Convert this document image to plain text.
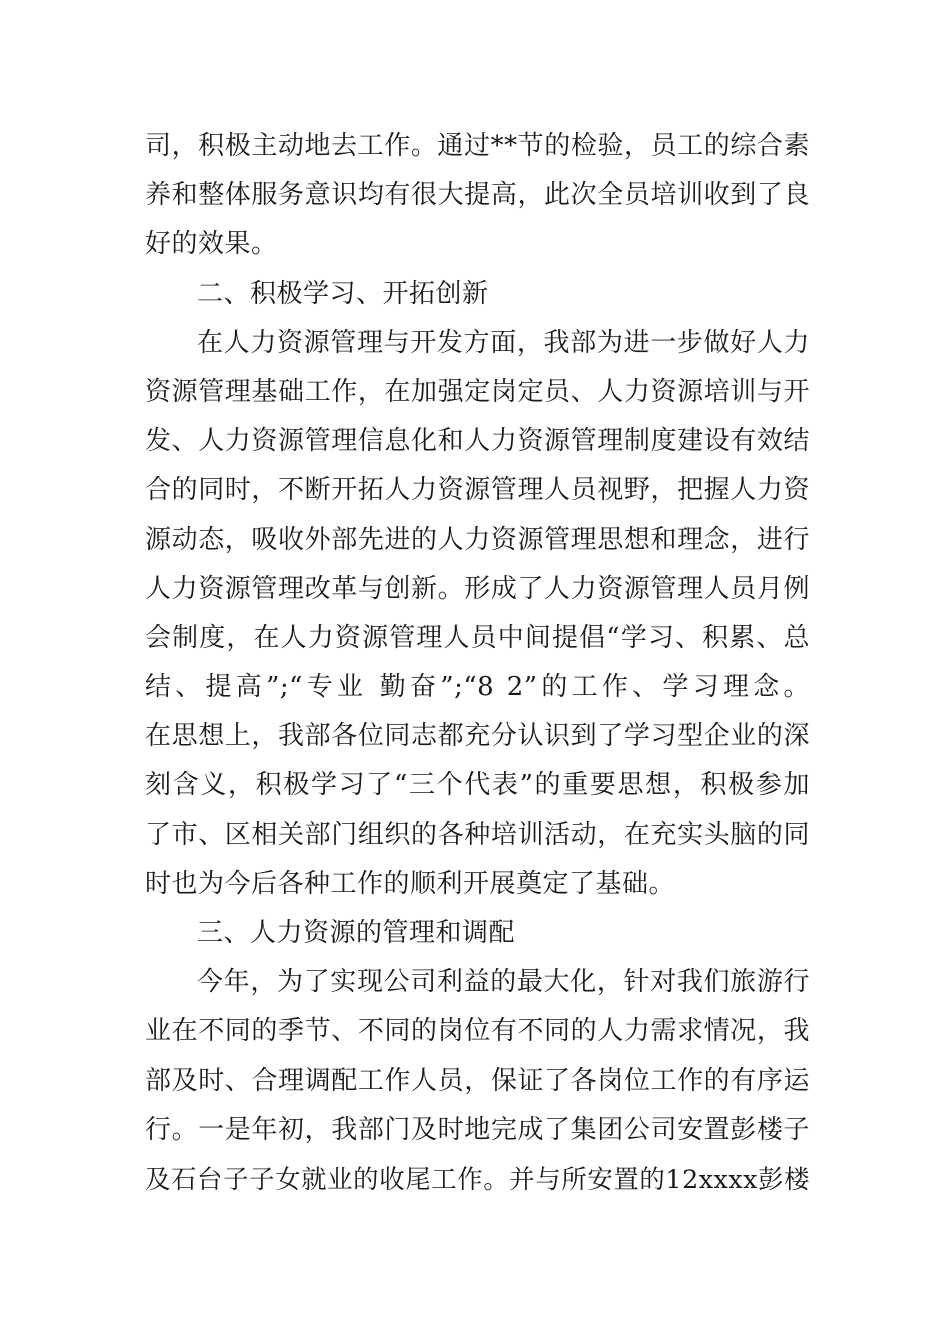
司，积极主动地去工作。通过**节的检验，员工的综合素
养和整体服务意识均有很大提高，此次全员培训收到了良
好的效果。
二、积极学习、开拓创新
在人力资源管理与开发方面，我部为进一步做好人力
资源管理基础工作，在加强定岗定员、人力资源培训与开
发、人力资源管理信息化和人力资源管理制度建设有效结
合的同时，不断开拓人力资源管理人员视野，把握人力资
源动态，吸收外部先进的人力资源管理思想和理念，进行
人力资源管理改革与创新。形成了人力资源管理人员月例
会制度，在人力资源管理人员中间提倡“学习、积累、总
结、提高”;“专业 勤奋”;“8 2”的工作、学习理念。
在思想上，我部各位同志都充分认识到了学习型企业的深
刻含义，积极学习了“三个代表”的重要思想，积极参加
了市、区相关部门组织的各种培训活动，在充实头脑的同
时也为今后各种工作的顺利开展奠定了基础。
三、人力资源的管理和调配
今年，为了实现公司利益的最大化，针对我们旅游行
业在不同的季节、不同的岗位有不同的人力需求情况，我
部及时、合理调配工作人员，保证了各岗位工作的有序运
行。一是年初，我部门及时地完成了集团公司安置彭楼子
及石台子子女就业的收尾工作。并与所安置的12xxxx彭楼
